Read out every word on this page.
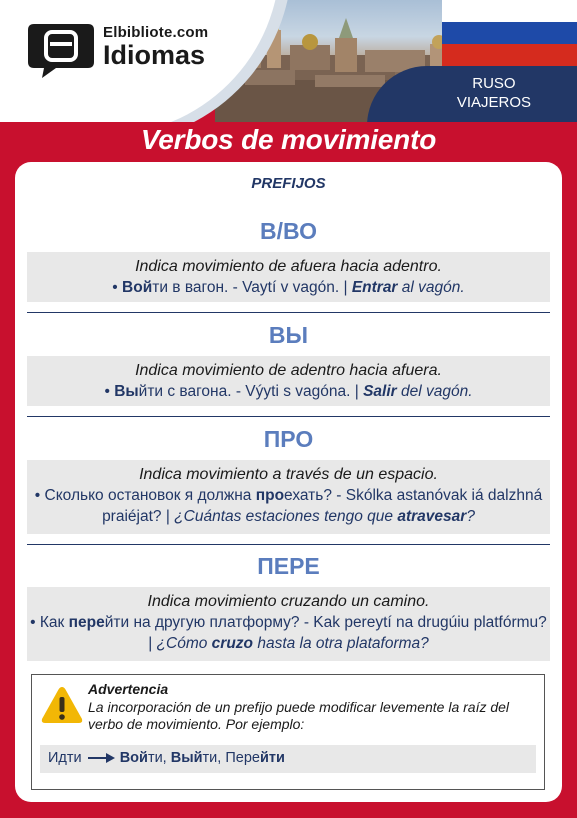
RUSO
VIAJEROS
Elbibliote.com
Idiomas
Verbos de movimiento
PREFIJOS
В/ВО
Indica movimiento de afuera hacia adentro.
• Войти в вагон. - Vaytí v vagón. | Entrar al vagón.
ВЫ
Indica movimiento de adentro hacia afuera.
• Выйти с вагона. - Výyti s vagóna. | Salir del vagón.
ПРО
Indica movimiento a través de un espacio.
• Сколько остановок я должна проехать? - Skólka astanóvak iá dalzhná praiéjat? | ¿Cuántas estaciones tengo que atravesar?
ПЕРЕ
Indica movimiento cruzando un camino.
• Как перейти на другую платформу? - Kak pereytí na drugúiu platfórmu? | ¿Cómo cruzo hasta la otra plataforma?
Advertencia
La incorporación de un prefijo puede modificar levemente la raíz del verbo de movimiento. Por ejemplo:
Идти	Войти, Выйти, Перейти
